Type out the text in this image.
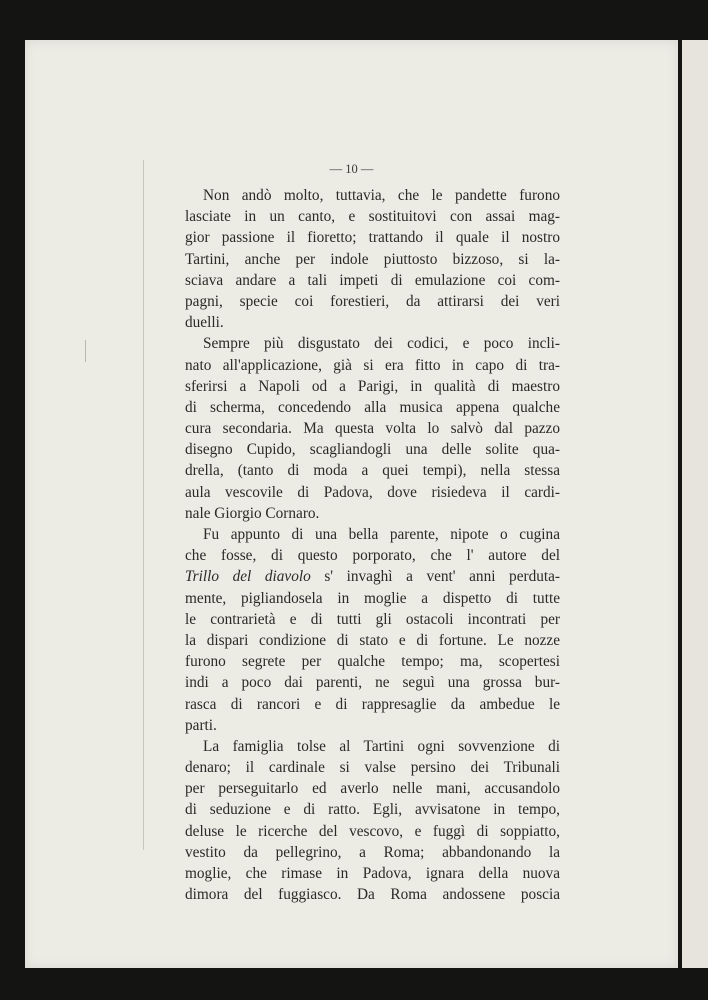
— 10 —
Non andò molto, tuttavia, che le pandette furono
lasciate in un canto, e sostituitovi con assai mag-
gior passione il fioretto; trattando il quale il nostro
Tartini, anche per indole piuttosto bizzoso, si la-
sciava andare a tali impeti di emulazione coi com-
pagni, specie coi forestieri, da attirarsi dei veri
duelli.
Sempre più disgustato dei codici, e poco incli-
nato all'applicazione, già si era fitto in capo di tra-
sferirsi a Napoli od a Parigi, in qualità di maestro
di scherma, concedendo alla musica appena qualche
cura secondaria. Ma questa volta lo salvò dal pazzo
disegno Cupido, scagliandogli una delle solite qua-
drella, (tanto di moda a quei tempi), nella stessa
aula vescovile di Padova, dove risiedeva il cardi-
nale Giorgio Cornaro.
Fu appunto di una bella parente, nipote o cugina
che fosse, di questo porporato, che l' autore del
Trillo del diavolo s' invaghì a vent' anni perduta-
mente, pigliandosela in moglie a dispetto di tutte
le contrarietà e di tutti gli ostacoli incontrati per
la dispari condizione di stato e di fortune. Le nozze
furono segrete per qualche tempo; ma, scopertesi
indi a poco dai parenti, ne seguì una grossa bur-
rasca di rancori e di rappresaglie da ambedue le
parti.
La famiglia tolse al Tartini ogni sovvenzione di
denaro; il cardinale si valse persino dei Tribunali
per perseguitarlo ed averlo nelle mani, accusandolo
di seduzione e di ratto. Egli, avvisatone in tempo,
deluse le ricerche del vescovo, e fuggì di soppiatto,
vestito da pellegrino, a Roma; abbandonando la
moglie, che rimase in Padova, ignara della nuova
dimora del fuggiasco. Da Roma andossene poscia
